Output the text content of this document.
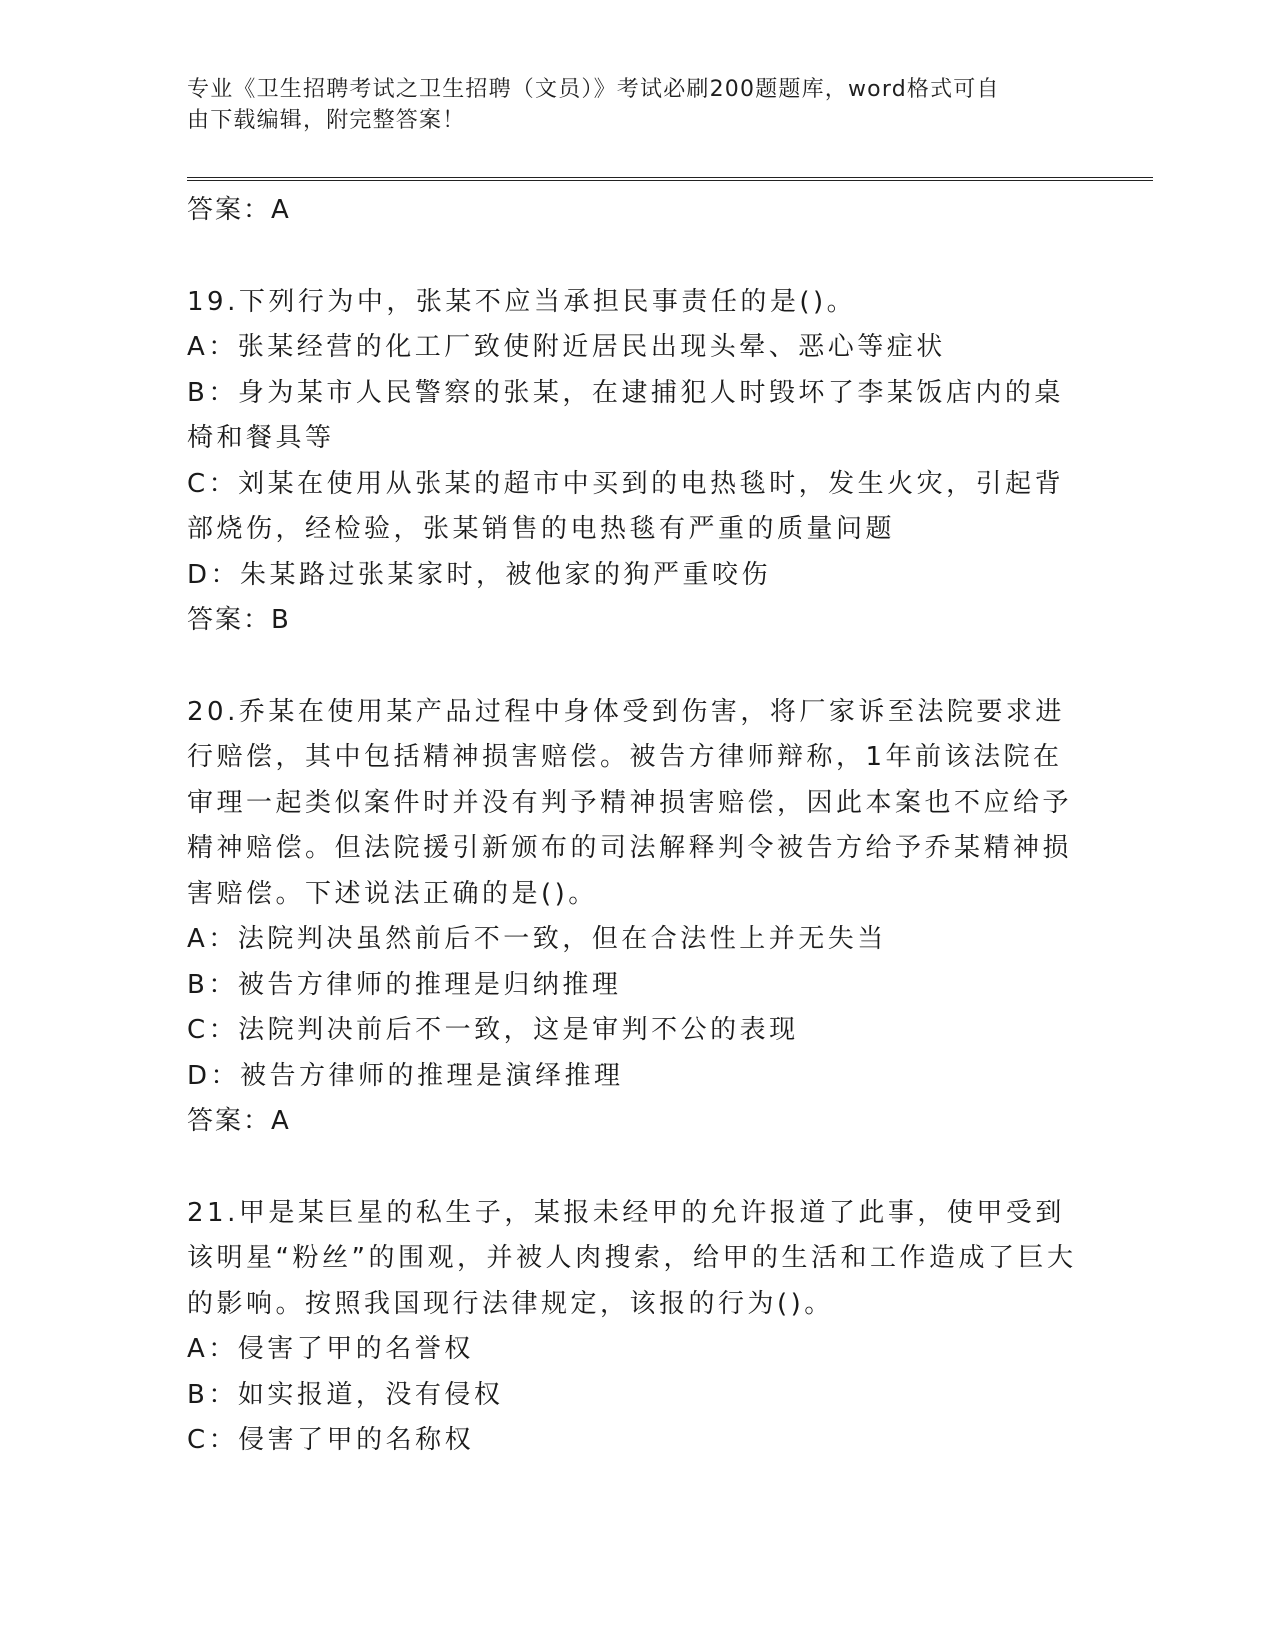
专业《卫生招聘考试之卫生招聘（文员）》考试必刷200题题库，word格式可自
由下载编辑，附完整答案！
答案：A
19.下列行为中，张某不应当承担民事责任的是()。
A：张某经营的化工厂致使附近居民出现头晕、恶心等症状
B：身为某市人民警察的张某，在逮捕犯人时毁坏了李某饭店内的桌椅和餐具等
C：刘某在使用从张某的超市中买到的电热毯时，发生火灾，引起背部烧伤，经检验，张某销售的电热毯有严重的质量问题
D：朱某路过张某家时，被他家的狗严重咬伤
答案：B
20.乔某在使用某产品过程中身体受到伤害，将厂家诉至法院要求进行赔偿，其中包括精神损害赔偿。被告方律师辩称，1年前该法院在审理一起类似案件时并没有判予精神损害赔偿，因此本案也不应给予精神赔偿。但法院援引新颁布的司法解释判令被告方给予乔某精神损害赔偿。下述说法正确的是()。
A：法院判决虽然前后不一致，但在合法性上并无失当
B：被告方律师的推理是归纳推理
C：法院判决前后不一致，这是审判不公的表现
D：被告方律师的推理是演绎推理
答案：A
21.甲是某巨星的私生子，某报未经甲的允许报道了此事，使甲受到该明星“粉丝”的围观，并被人肉搜索，给甲的生活和工作造成了巨大的影响。按照我国现行法律规定，该报的行为()。
A：侵害了甲的名誉权
B：如实报道，没有侵权
C：侵害了甲的名称权
